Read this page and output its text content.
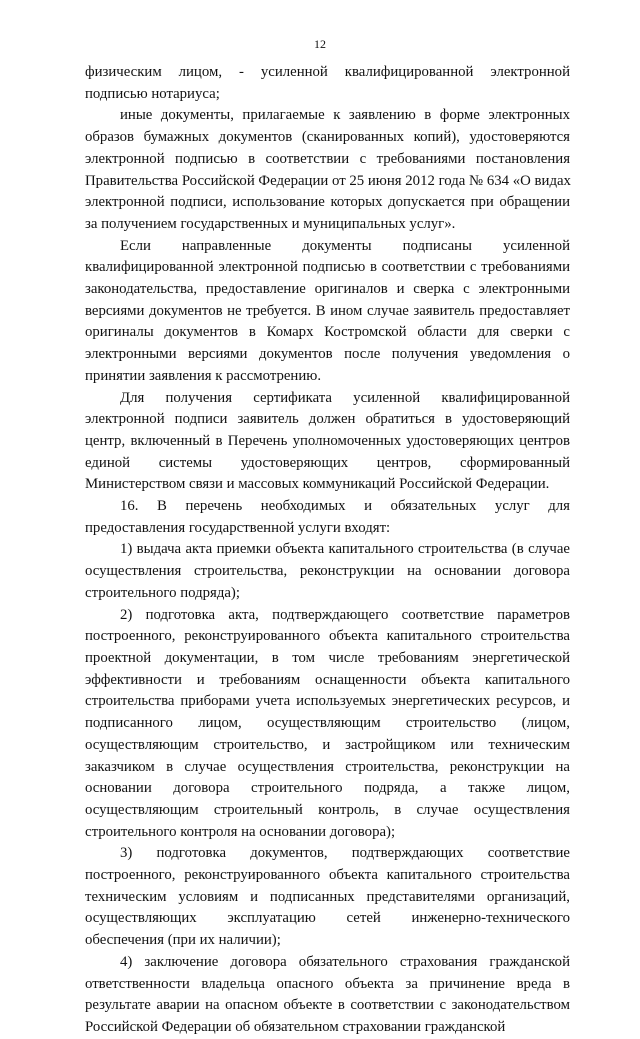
12
физическим лицом, - усиленной квалифицированной электронной
подписью нотариуса;
иные документы, прилагаемые к заявлению в форме электронных
образов бумажных документов (сканированных копий), удостоверяются
электронной подписью в соответствии с требованиями постановления
Правительства Российской Федерации от 25 июня 2012 года № 634 «О видах
электронной подписи, использование которых допускается при обращении
за получением государственных и муниципальных услуг».
Если направленные документы подписаны усиленной
квалифицированной электронной подписью в соответствии с требованиями
законодательства, предоставление оригиналов и сверка с электронными
версиями документов не требуется. В ином случае заявитель предоставляет
оригиналы документов в Комарх Костромской области для сверки с
электронными версиями документов после получения уведомления о
принятии заявления к рассмотрению.
Для получения сертификата усиленной квалифицированной
электронной подписи заявитель должен обратиться в удостоверяющий
центр, включенный в Перечень уполномоченных удостоверяющих центров
единой системы удостоверяющих центров, сформированный
Министерством связи и массовых коммуникаций Российской Федерации.
16. В перечень необходимых и обязательных услуг для
предоставления государственной услуги входят:
1) выдача акта приемки объекта капитального строительства (в случае
осуществления строительства, реконструкции на основании договора
строительного подряда);
2) подготовка акта, подтверждающего соответствие параметров
построенного, реконструированного объекта капитального строительства
проектной документации, в том числе требованиям энергетической
эффективности и требованиям оснащенности объекта капитального
строительства приборами учета используемых энергетических ресурсов, и
подписанного лицом, осуществляющим строительство (лицом,
осуществляющим строительство, и застройщиком или техническим
заказчиком в случае осуществления строительства, реконструкции на
основании договора строительного подряда, а также лицом,
осуществляющим строительный контроль, в случае осуществления
строительного контроля на основании договора);
3) подготовка документов, подтверждающих соответствие
построенного, реконструированного объекта капитального строительства
техническим условиям и подписанных представителями организаций,
осуществляющих эксплуатацию сетей инженерно-технического
обеспечения (при их наличии);
4) заключение договора обязательного страхования гражданской
ответственности владельца опасного объекта за причинение вреда в
результате аварии на опасном объекте в соответствии с законодательством
Российской Федерации об обязательном страховании гражданской
